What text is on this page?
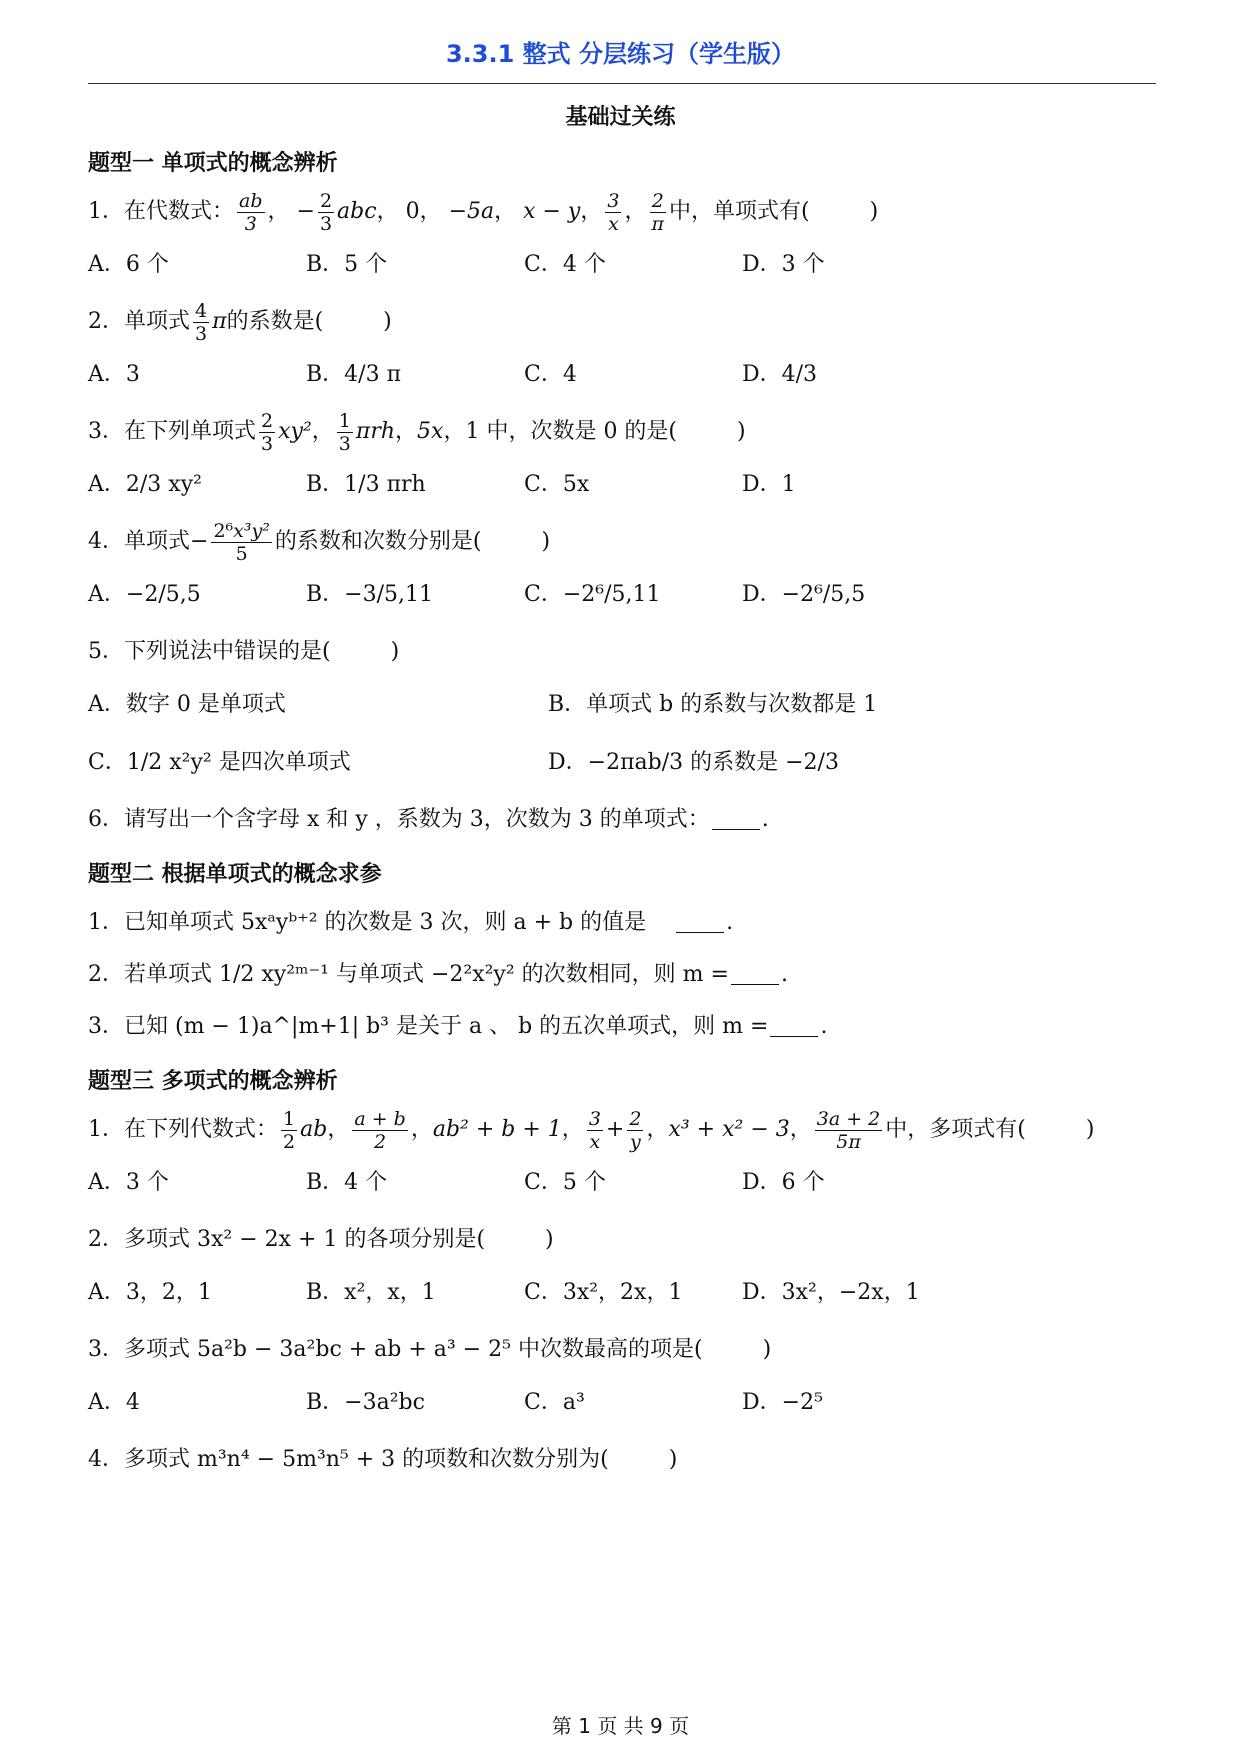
3.3.1 整式 分层练习（学生版）
基础过关练
题型一 单项式的概念辨析
1． 在代数式： $\frac{ab}{3}$ ， − $\frac{2}{3}$ abc ， 0， −5a ， x − y ， $\frac{3}{x}$ ， $\frac{2}{\pi}$ 中，单项式有(	)
A．6 个	B．5 个	C．4 个	D．3 个
2． 单项式 $\frac{4}{3}$ π 的系数是(	)
A．3	B．4/3 π	C．4	D．4/3
3． 在下列单项式 $\frac{2}{3} xy^2$ ， $\frac{1}{3}$ πrh ， 5x ，1 中，次数是 0 的是(	)
A．2/3 xy²	B．1/3 πrh	C．5x	D．1
4． 单项式 − $\frac{\text{2⁶x³y²}}{5}$ 的系数和次数分别是(	)
A．−2/5,5	B．−3/5,11	C．−2⁶/5,11	D．−2⁶/5,5
5． 下列说法中错误的是(	)
A．数字 0 是单项式	B．单项式 b 的系数与次数都是 1
C．1/2 x²y² 是四次单项式	D．−2πab/3 的系数是 −2/3
6． 请写出一个含字母 x 和 y ，系数为 3，次数为 3 的单项式： .
题型二 根据单项式的概念求参
1． 已知单项式 5xᵃyᵇ⁺² 的次数是 3 次，则 a + b 的值是
	.
2． 若单项式 1/2 xy²ᵐ⁻¹ 与单项式 −2²x²y² 的次数相同，则 m = .
3． 已知 (m − 1)a^|m+1| b³ 是关于 a 、 b 的五次单项式，则 m = .
题型三 多项式的概念辨析
1． 在下列代数式： $\frac{1}{2}$ ab ， $\frac{a + b}{2}$ ， ab² + b + 1 ， $\frac{3}{x} + \frac{2}{y}$ ， x³ + x² − 3 ， $\frac{3a + 2}{5\pi}$ 中，多项式有(	)
A．3 个	B．4 个	C．5 个	D．6 个
2． 多项式 3x² − 2x + 1 的各项分别是(	)
A．3，2，1	B．x²，x，1	C．3x²，2x，1	D．3x²，−2x，1
3． 多项式 5a²b − 3a²bc + ab + a³ − 2⁵ 中次数最高的项是(	)
A．4	B．−3a²bc	C．a³	D．−2⁵
4． 多项式 m³n⁴ − 5m³n⁵ + 3 的项数和次数分别为(	)
第 1 页 共 9 页
